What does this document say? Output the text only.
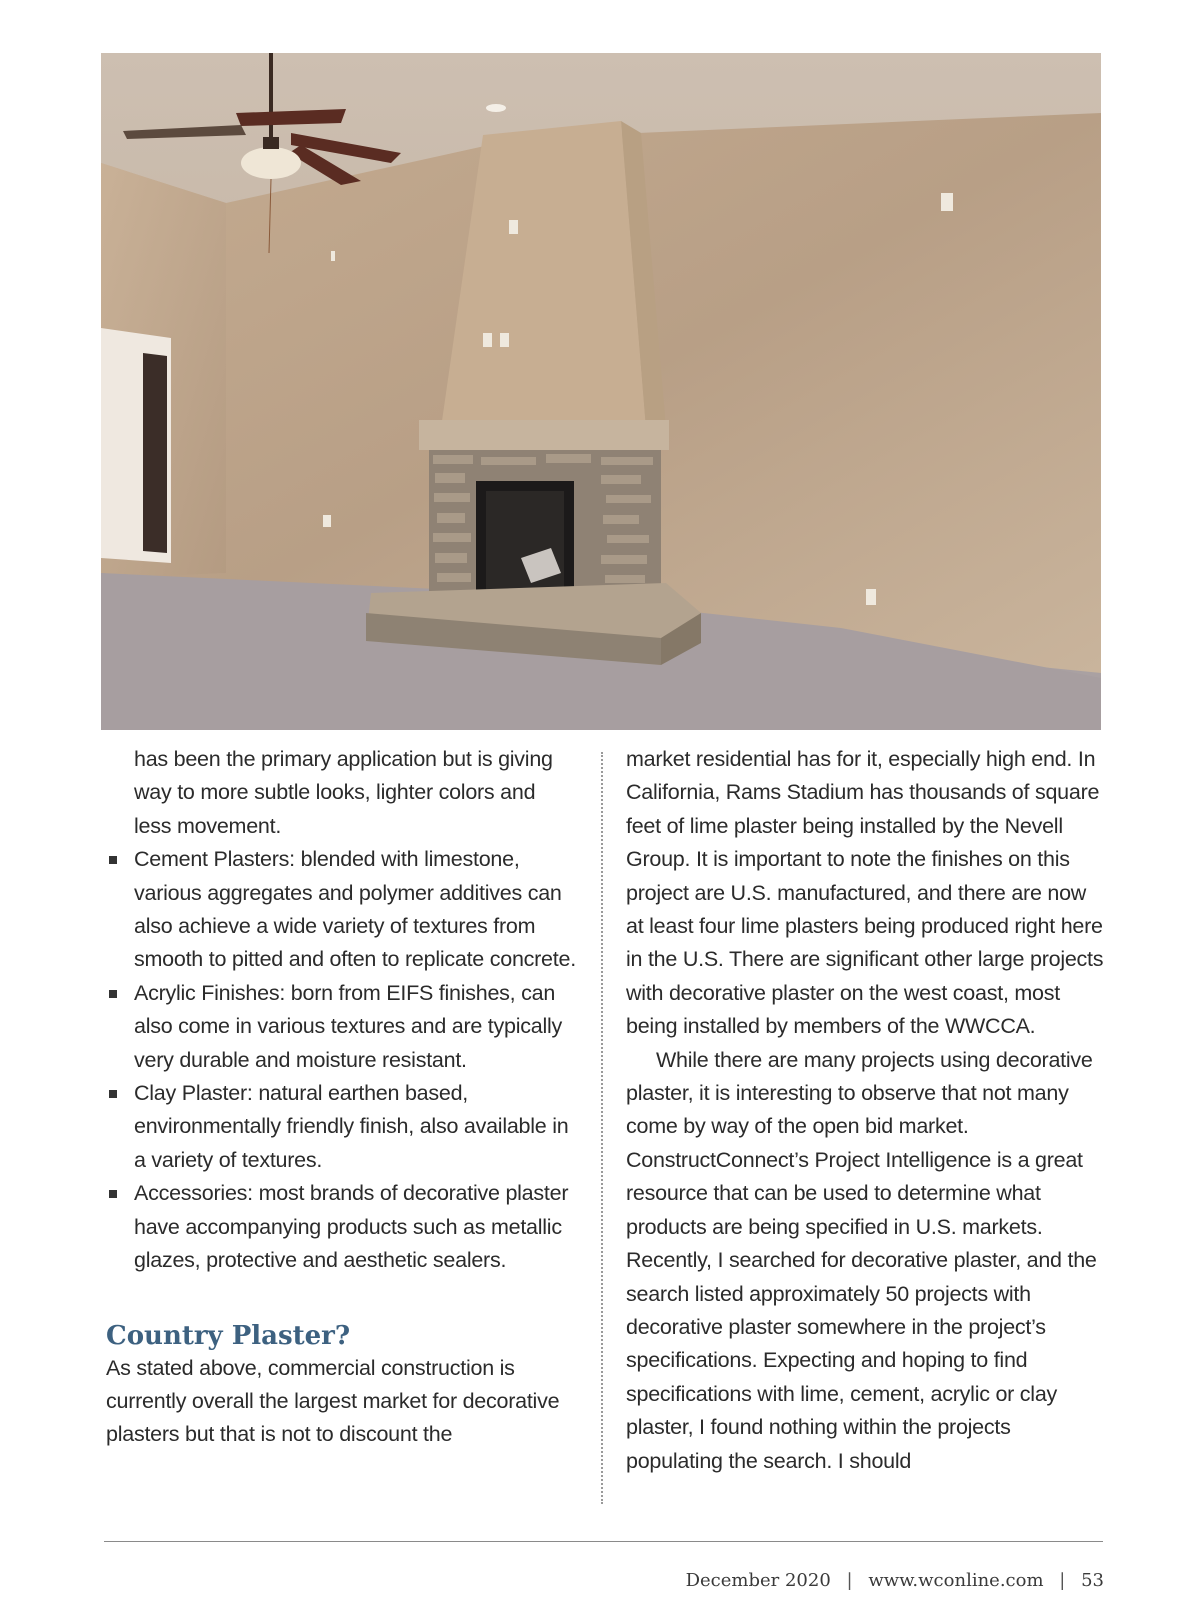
has been the primary application but is giving way to more subtle looks, lighter colors and less movement.

Cement Plasters: blended with limestone, various aggregates and polymer additives can also achieve a wide variety of textures from smooth to pitted and often to replicate concrete.
Acrylic Finishes: born from EIFS finishes, can also come in various textures and are typically very durable and moisture resistant.
Clay Plaster: natural earthen based, environmentally friendly finish, also available in a variety of textures.
Accessories: most brands of decorative plaster have accompanying products such as metallic glazes, protective and aesthetic sealers.
Country Plaster?

As stated above, commercial construction is currently overall the largest market for decorative plasters but that is not to discount the

market residential has for it, especially high end. In California, Rams Stadium has thousands of square feet of lime plaster being installed by the Nevell Group. It is important to note the finishes on this project are U.S. manufactured, and there are now at least four lime plasters being produced right here in the U.S. There are significant other large projects with decorative plaster on the west coast, most being installed by members of the WWCCA.

While there are many projects using decorative plaster, it is interesting to observe that not many come by way of the open bid market. ConstructConnect’s Project Intelligence is a great resource that can be used to determine what products are being specified in U.S. markets. Recently, I searched for decorative plaster, and the search listed approximately 50 projects with decorative plaster somewhere in the project’s specifications. Expecting and hoping to find specifications with lime, cement, acrylic or clay plaster, I found nothing within the projects populating the search. I should

December 2020 | www.wconline.com | 53
